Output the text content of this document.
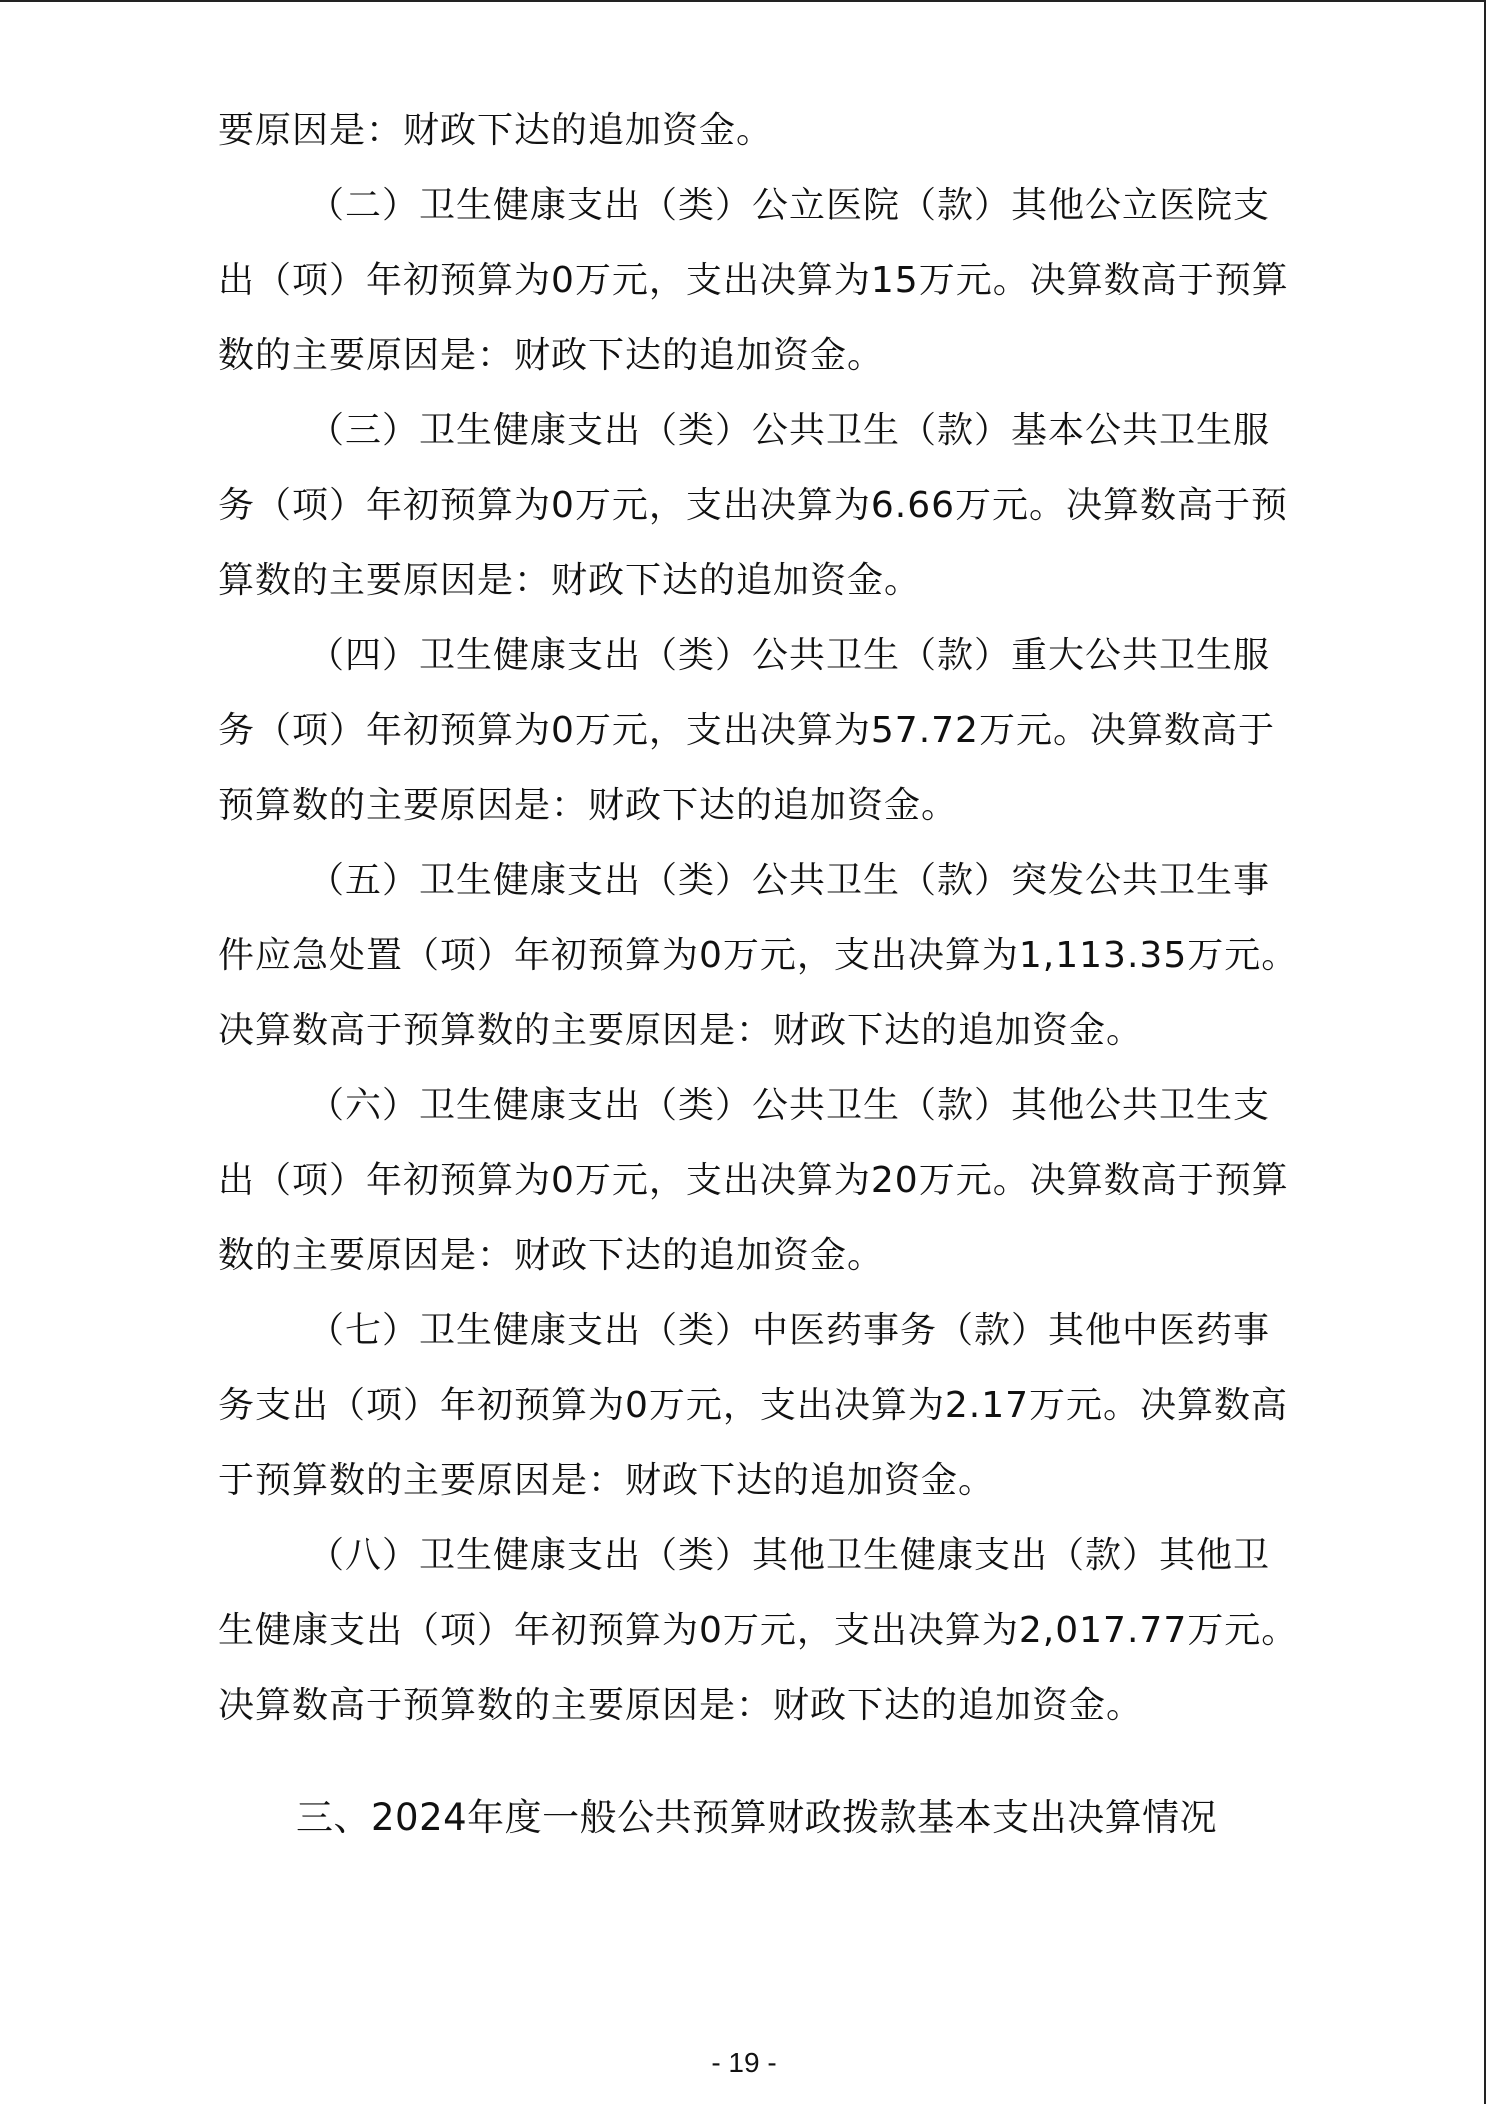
要原因是：财政下达的追加资金。
（二）卫生健康支出（类）公立医院（款）其他公立医院支
出（项）年初预算为0万元，支出决算为15万元。决算数高于预算
数的主要原因是：财政下达的追加资金。
（三）卫生健康支出（类）公共卫生（款）基本公共卫生服
务（项）年初预算为0万元，支出决算为6.66万元。决算数高于预
算数的主要原因是：财政下达的追加资金。
（四）卫生健康支出（类）公共卫生（款）重大公共卫生服
务（项）年初预算为0万元，支出决算为57.72万元。决算数高于
预算数的主要原因是：财政下达的追加资金。
（五）卫生健康支出（类）公共卫生（款）突发公共卫生事
件应急处置（项）年初预算为0万元，支出决算为1,113.35万元。
决算数高于预算数的主要原因是：财政下达的追加资金。
（六）卫生健康支出（类）公共卫生（款）其他公共卫生支
出（项）年初预算为0万元，支出决算为20万元。决算数高于预算
数的主要原因是：财政下达的追加资金。
（七）卫生健康支出（类）中医药事务（款）其他中医药事
务支出（项）年初预算为0万元，支出决算为2.17万元。决算数高
于预算数的主要原因是：财政下达的追加资金。
（八）卫生健康支出（类）其他卫生健康支出（款）其他卫
生健康支出（项）年初预算为0万元，支出决算为2,017.77万元。
决算数高于预算数的主要原因是：财政下达的追加资金。
三、2024年度一般公共预算财政拨款基本支出决算情况
- 19 -
